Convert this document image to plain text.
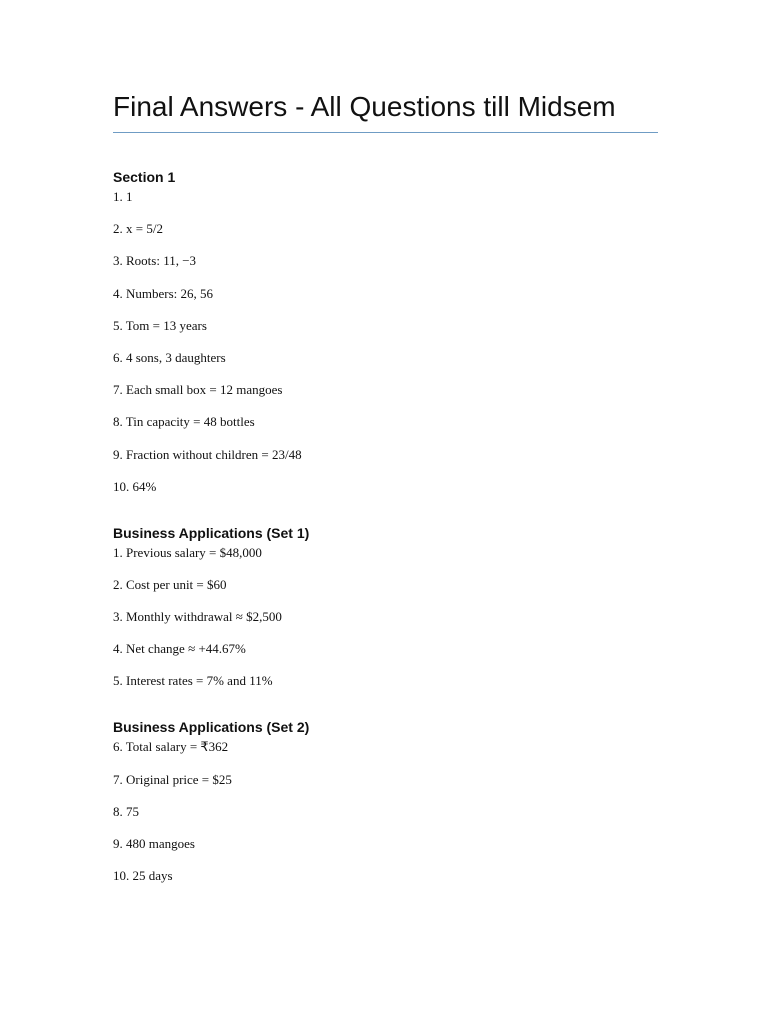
Final Answers - All Questions till Midsem
Section 1
1. 1
2. x = 5/2
3. Roots: 11, −3
4. Numbers: 26, 56
5. Tom = 13 years
6. 4 sons, 3 daughters
7. Each small box = 12 mangoes
8. Tin capacity = 48 bottles
9. Fraction without children = 23/48
10. 64%
Business Applications (Set 1)
1. Previous salary = $48,000
2. Cost per unit = $60
3. Monthly withdrawal ≈ $2,500
4. Net change ≈ +44.67%
5. Interest rates = 7% and 11%
Business Applications (Set 2)
6. Total salary = ₹362
7. Original price = $25
8. 75
9. 480 mangoes
10. 25 days
